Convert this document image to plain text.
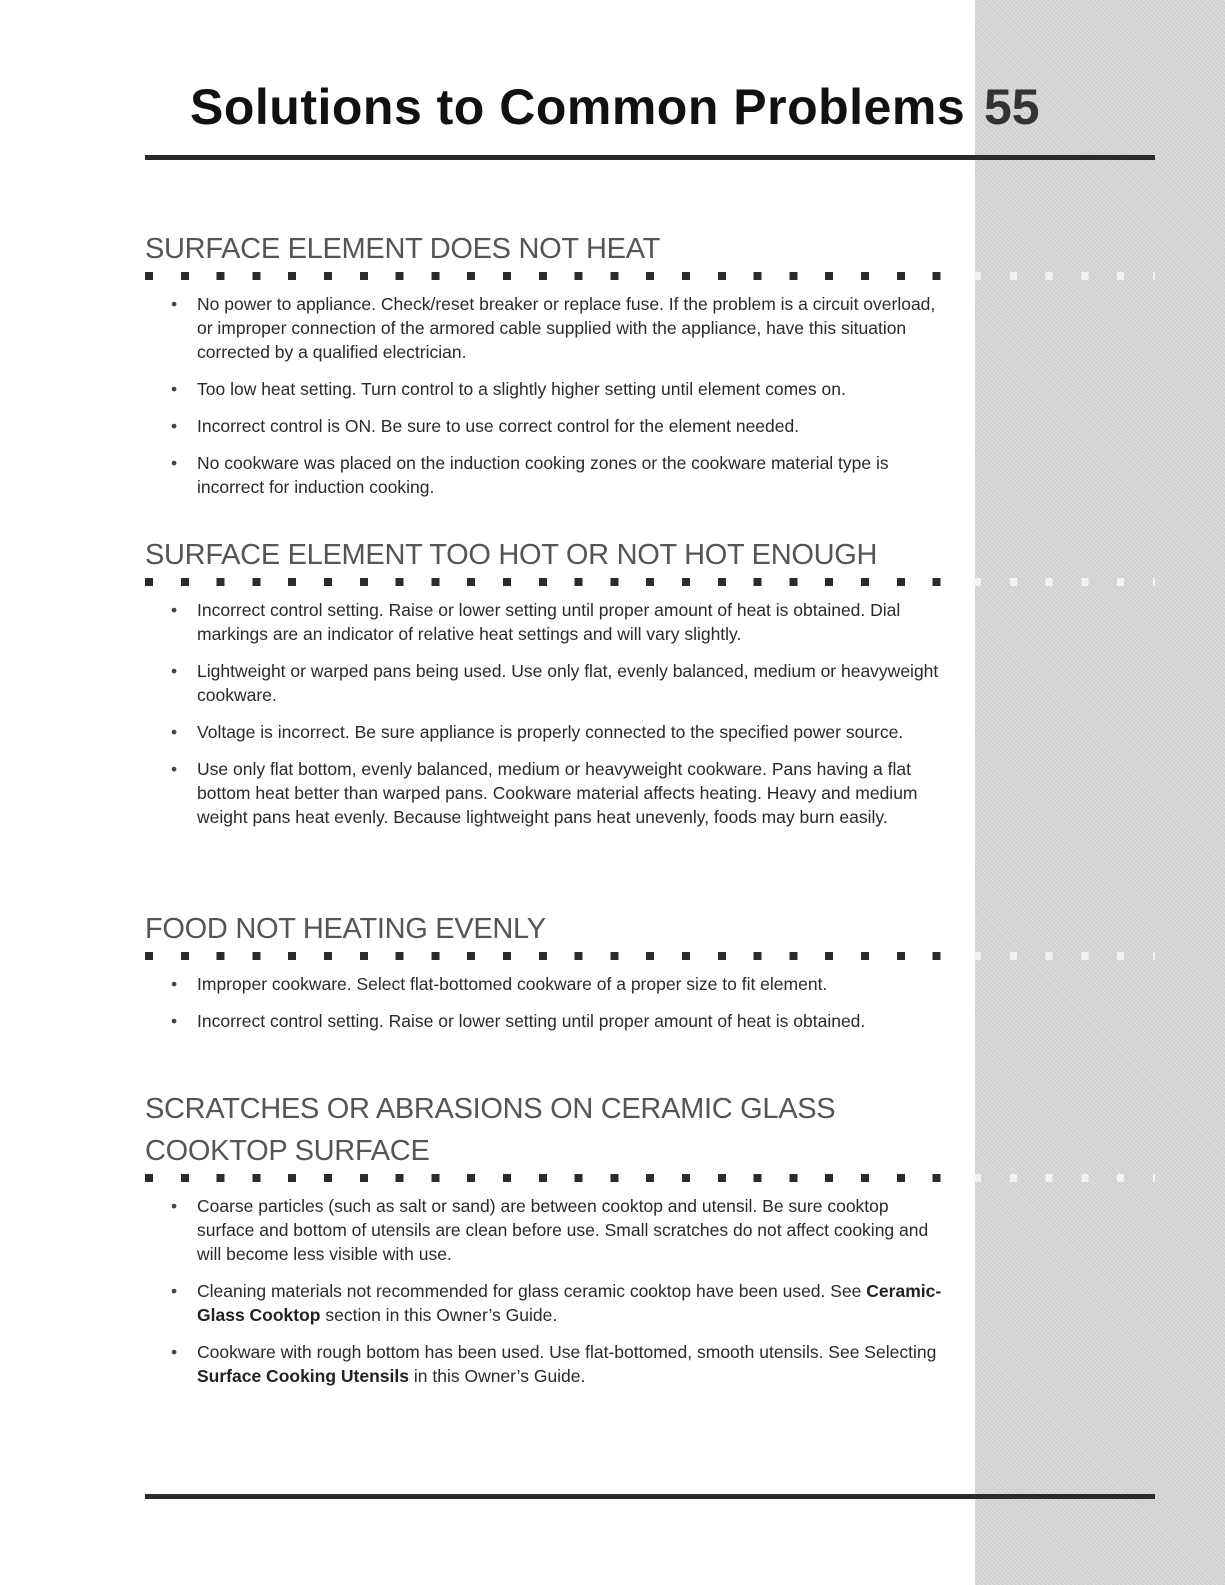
Solutions to Common Problems 55
SURFACE ELEMENT DOES NOT HEAT
• No power to appliance. Check/reset breaker or replace fuse. If the problem is a circuit overload, or improper connection of the armored cable supplied with the appliance, have this situation corrected by a qualified electrician.
• Too low heat setting. Turn control to a slightly higher setting until element comes on.
• Incorrect control is ON. Be sure to use correct control for the element needed.
• No cookware was placed on the induction cooking zones or the cookware material type is incorrect for induction cooking.
SURFACE ELEMENT TOO HOT OR NOT HOT ENOUGH
• Incorrect control setting. Raise or lower setting until proper amount of heat is obtained. Dial markings are an indicator of relative heat settings and will vary slightly.
• Lightweight or warped pans being used. Use only flat, evenly balanced, medium or heavyweight cookware.
• Voltage is incorrect. Be sure appliance is properly connected to the specified power source.
• Use only flat bottom, evenly balanced, medium or heavyweight cookware. Pans having a flat bottom heat better than warped pans. Cookware material affects heating. Heavy and medium weight pans heat evenly. Because lightweight pans heat unevenly, foods may burn easily.
FOOD NOT HEATING EVENLY
• Improper cookware. Select flat-bottomed cookware of a proper size to fit element.
• Incorrect control setting. Raise or lower setting until proper amount of heat is obtained.
SCRATCHES OR ABRASIONS ON CERAMIC GLASS COOKTOP SURFACE
• Coarse particles (such as salt or sand) are between cooktop and utensil. Be sure cooktop surface and bottom of utensils are clean before use. Small scratches do not affect cooking and will become less visible with use.
• Cleaning materials not recommended for glass ceramic cooktop have been used. See Ceramic-Glass Cooktop section in this Owner’s Guide.
• Cookware with rough bottom has been used. Use flat-bottomed, smooth utensils. See Selecting Surface Cooking Utensils in this Owner’s Guide.
